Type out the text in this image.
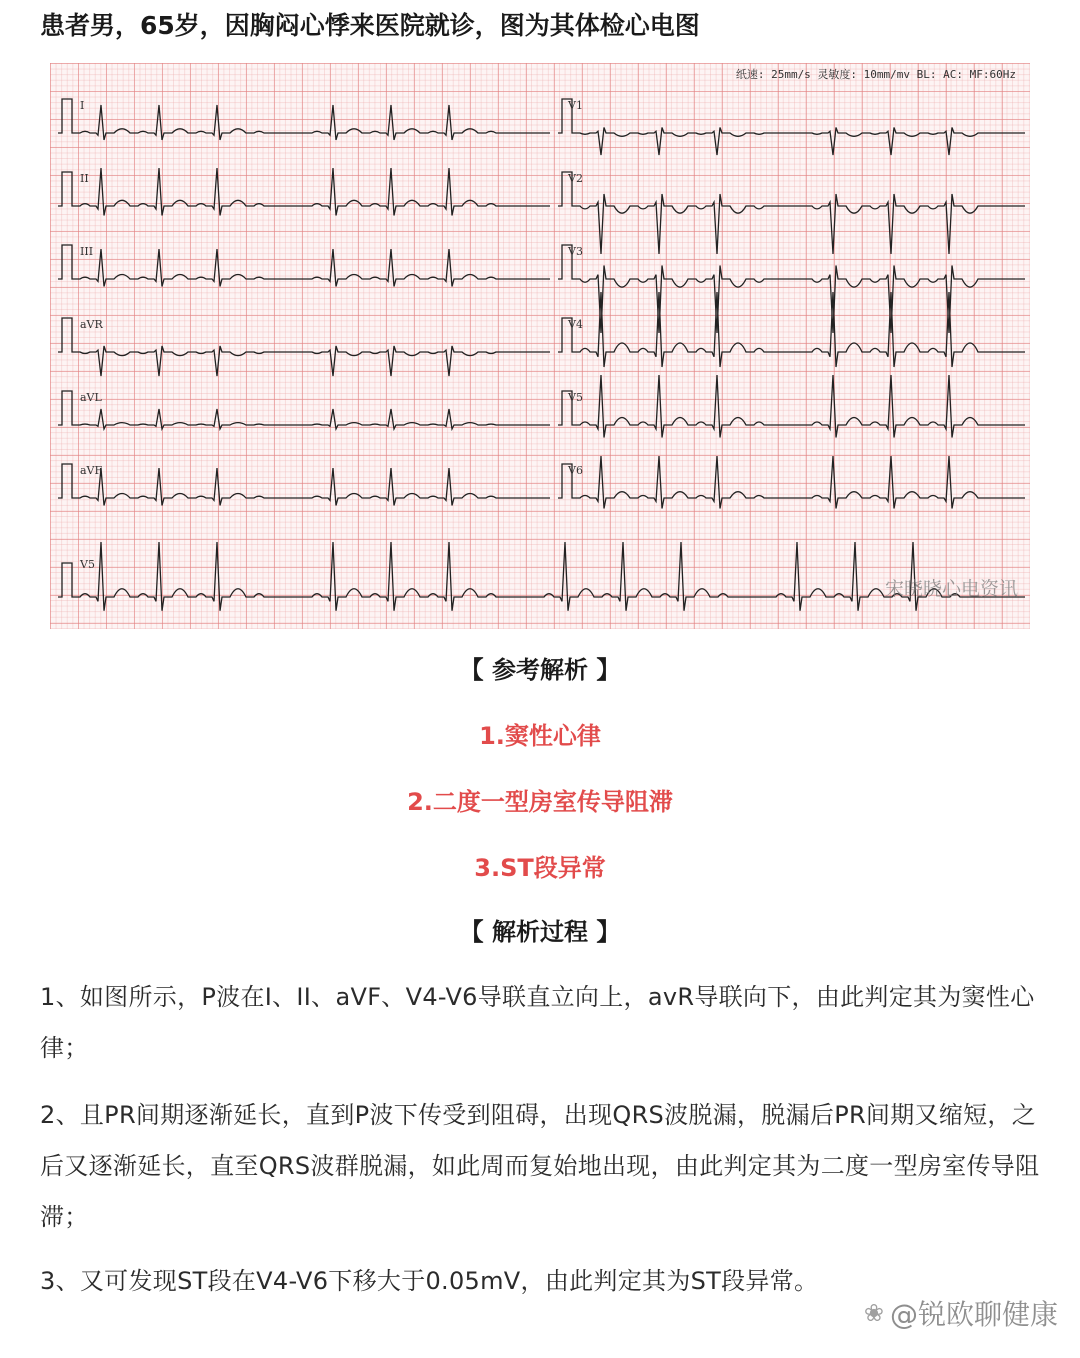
患者男，65岁，因胸闷心悸来医院就诊，图为其体检心电图
纸速: 25mm/s 灵敏度: 10mm/mv BL: AC: MF:60Hz
I
II
III
aVR
aVL
aVF
V5
V1
V2
V3
V4
V5
V6
宋晓晓心电资讯
【 参考解析 】
1.窦性心律
2.二度一型房室传导阻滞
3.ST段异常
【 解析过程 】
1、如图所示，P波在I、II、aVF、V4-V6导联直立向上，avR导联向下，由此判定其为窦性心律；
2、且PR间期逐渐延长，直到P波下传受到阻碍，出现QRS波脱漏，脱漏后PR间期又缩短，之后又逐渐延长，直至QRS波群脱漏，如此周而复始地出现，由此判定其为二度一型房室传导阻滞；
3、又可发现ST段在V4-V6下移大于0.05mV，由此判定其为ST段异常。
❀ @锐欧聊健康
